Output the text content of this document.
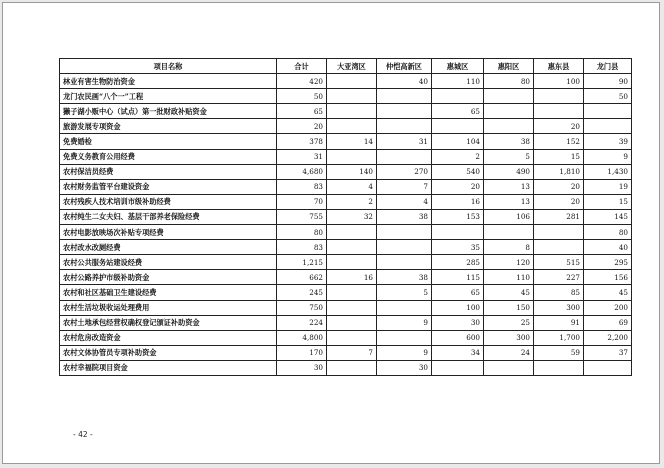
项目名称	合计	大亚湾区	仲恺高新区	惠城区	惠阳区	惠东县	龙门县
林业有害生物防治资金	420		40	110	80	100	90
龙门农民画“八个一”工程	50						50
獭子湖小贩中心（试点）第一批财政补贴资金	65			65			
旅游发展专项资金	20					20	
免费婚检	378	14	31	104	38	152	39
免费义务教育公用经费	31			2	5	15	9
农村保洁员经费	4,680	140	270	540	490	1,810	1,430
农村财务监管平台建设资金	83	4	7	20	13	20	19
农村残疾人技术培训市级补助经费	70	2	4	16	13	20	15
农村纯生二女夫妇、基层干部养老保险经费	755	32	38	153	106	281	145
农村电影放映场次补贴专项经费	80						80
农村改水改厕经费	83			35	8		40
农村公共服务站建设经费	1,215			285	120	515	295
农村公路养护市级补助资金	662	16	38	115	110	227	156
农村和社区基础卫生建设经费	245		5	65	45	85	45
农村生活垃圾收运处理费用	750			100	150	300	200
农村土地承包经营权确权登记颁证补助资金	224		9	30	25	91	69
农村危房改造资金	4,800			600	300	1,700	2,200
农村文体协管员专项补助资金	170	7	9	34	24	59	37
农村幸福院项目资金	30		30				
- 42 -
